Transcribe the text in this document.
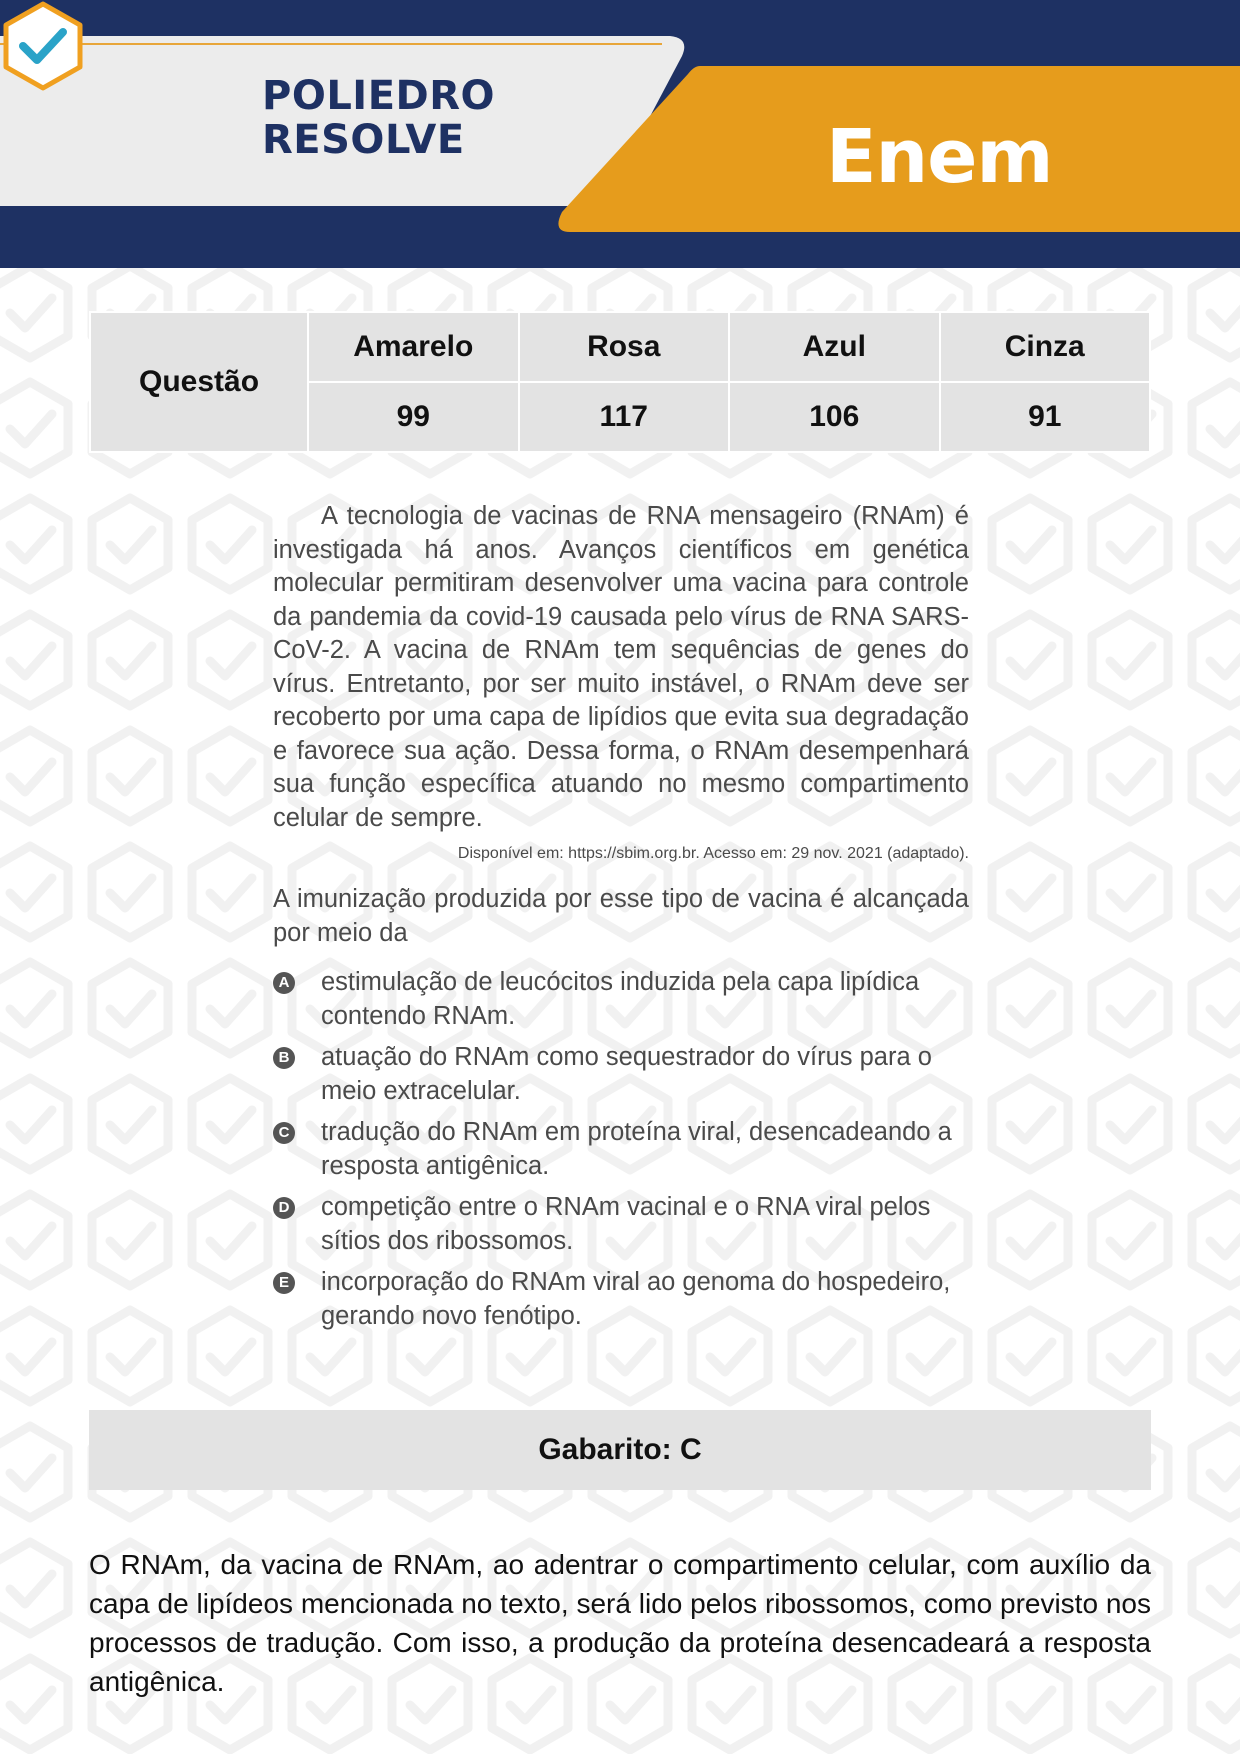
POLIEDRO
RESOLVE	Enem
Questão	Amarelo	Rosa	Azul	Cinza
	99	117	106	91

A tecnologia de vacinas de RNA mensageiro (RNAm) é investigada há anos. Avanços científicos em genética molecular permitiram desenvolver uma vacina para controle da pandemia da covid-19 causada pelo vírus de RNA SARS-CoV-2. A vacina de RNAm tem sequências de genes do vírus. Entretanto, por ser muito instável, o RNAm deve ser recoberto por uma capa de lipídios que evita sua degradação e favorece sua ação. Dessa forma, o RNAm desempenhará sua função específica atuando no mesmo compartimento celular de sempre.

Disponível em: https://sbim.org.br. Acesso em: 29 nov. 2021 (adaptado).

A imunização produzida por esse tipo de vacina é alcançada por meio da

A estimulação de leucócitos induzida pela capa lipídica contendo RNAm.
B atuação do RNAm como sequestrador do vírus para o meio extracelular.
C tradução do RNAm em proteína viral, desencadeando a resposta antigênica.
D competição entre o RNAm vacinal e o RNA viral pelos sítios dos ribossomos.
E incorporação do RNAm viral ao genoma do hospedeiro, gerando novo fenótipo.
Gabarito: C

O RNAm, da vacina de RNAm, ao adentrar o compartimento celular, com auxílio da capa de lipídeos mencionada no texto, será lido pelos ribossomos, como previsto nos processos de tradução. Com isso, a produção da proteína desencadeará a resposta antigênica.
